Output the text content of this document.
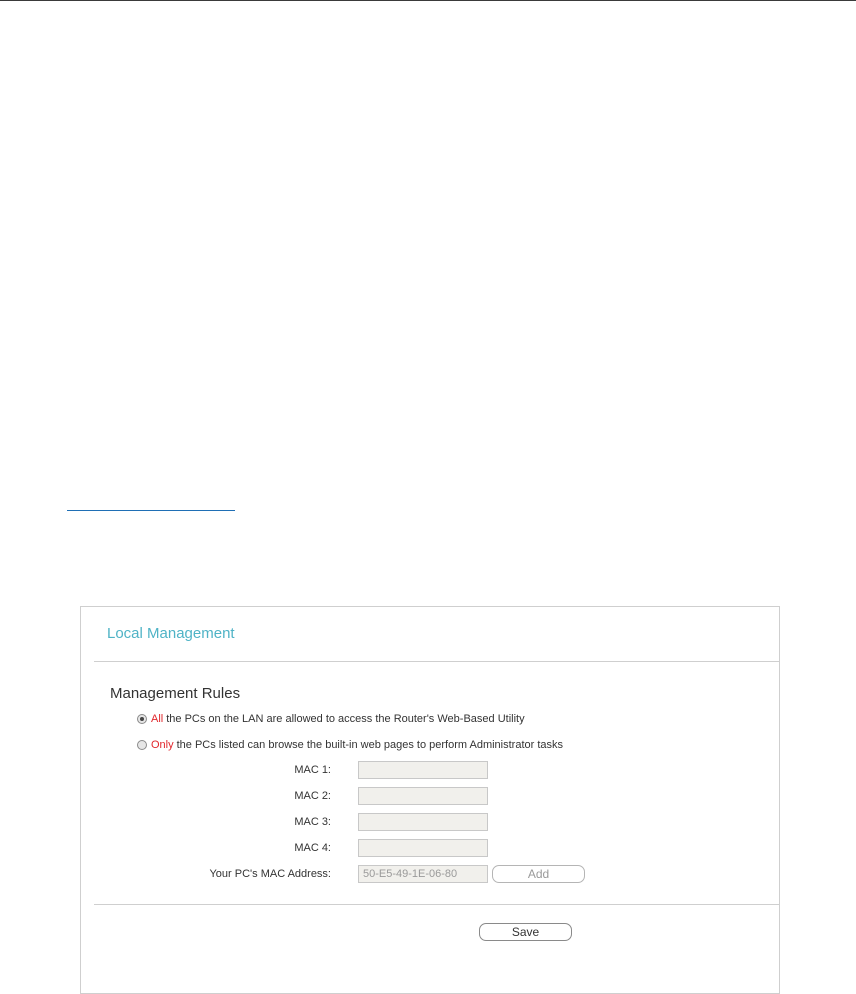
Local Management
Management Rules
All the PCs on the LAN are allowed to access the Router's Web-Based Utility
Only the PCs listed can browse the built-in web pages to perform Administrator tasks
MAC 1:
MAC 2:
MAC 3:
MAC 4:
Your PC's MAC Address:
50-E5-49-1E-06-80	Add
Save
